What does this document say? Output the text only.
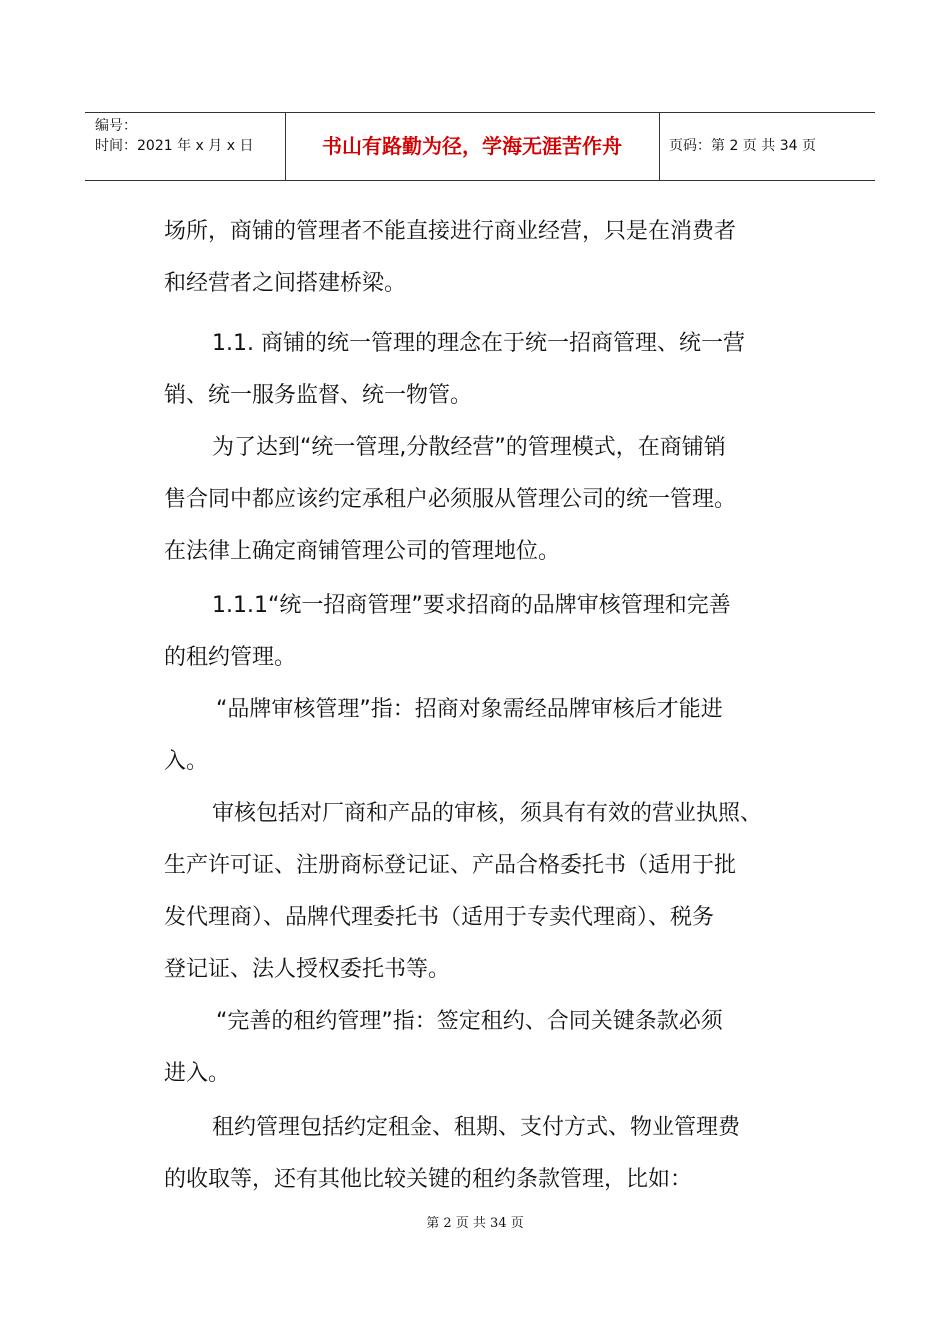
编号：
时间：2021 年 x 月 x 日	书山有路勤为径，学海无涯苦作舟	页码：第 2 页 共 34 页
场所，商铺的管理者不能直接进行商业经营，只是在消费者
和经营者之间搭建桥梁。
1.1. 商铺的统一管理的理念在于统一招商管理、统一营
销、统一服务监督、统一物管。
为了达到“统一管理,分散经营”的管理模式，在商铺销
售合同中都应该约定承租户必须服从管理公司的统一管理。
在法律上确定商铺管理公司的管理地位。
1.1.1“统一招商管理”要求招商的品牌审核管理和完善
的租约管理。
“品牌审核管理”指：招商对象需经品牌审核后才能进
入。
审核包括对厂商和产品的审核，须具有有效的营业执照、
生产许可证、注册商标登记证、产品合格委托书（适用于批
发代理商）、品牌代理委托书（适用于专卖代理商）、税务
登记证、法人授权委托书等。
“完善的租约管理”指：签定租约、合同关键条款必须
进入。
租约管理包括约定租金、租期、支付方式、物业管理费
的收取等，还有其他比较关键的租约条款管理，比如：
第 2 页 共 34 页
